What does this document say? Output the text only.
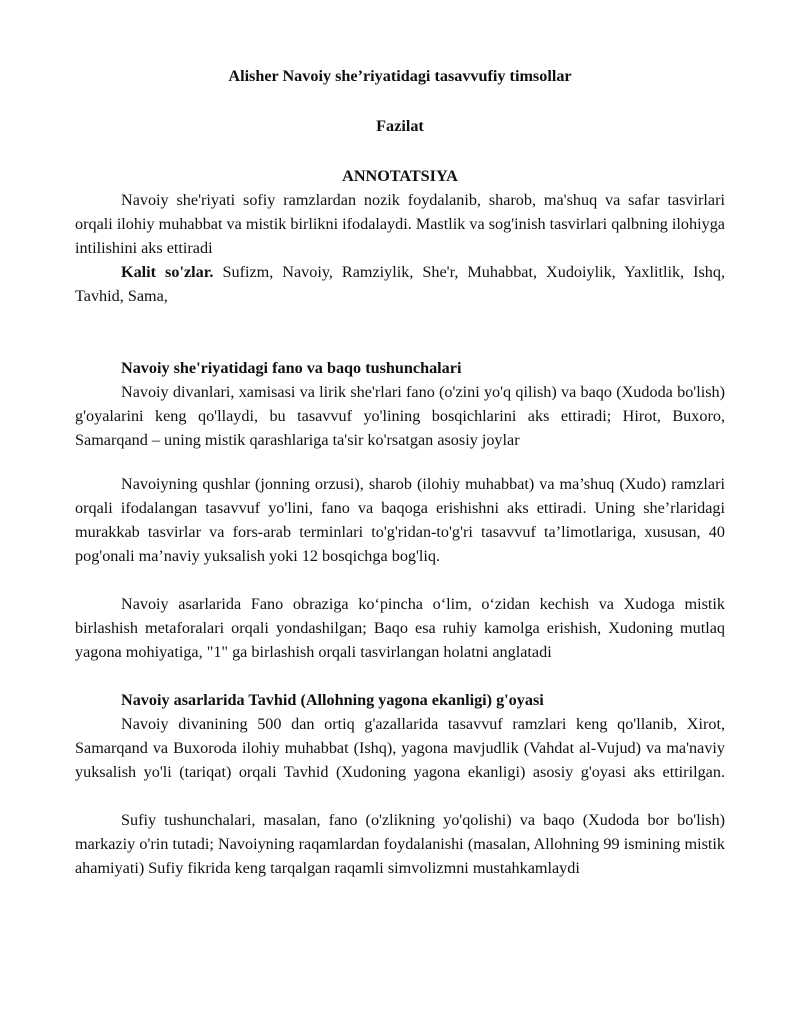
Alisher Navoiy she’riyatidagi tasavvufiy timsollar
Fazilat
ANNOTATSIYA

Navoiy she'riyati sofiy ramzlardan nozik foydalanib, sharob, ma'shuq va safar tasvirlari orqali ilohiy muhabbat va mistik birlikni ifodalaydi. Mastlik va sog'inish tasvirlari qalbning ilohiyga intilishini aks ettiradi

Kalit so'zlar. Sufizm, Navoiy, Ramziylik, She'r, Muhabbat, Xudoiylik, Yaxlitlik, Ishq, Tavhid, Sama,

Navoiy she'riyatidagi fano va baqo tushunchalari

Navoiy divanlari, xamisasi va lirik she'rlari fano (o'zini yo'q qilish) va baqo (Xudoda bo'lish) g'oyalarini keng qo'llaydi, bu tasavvuf yo'lining bosqichlarini aks ettiradi; Hirot, Buxoro, Samarqand – uning mistik qarashlariga ta'sir ko'rsatgan asosiy joylar

Navoiyning qushlar (jonning orzusi), sharob (ilohiy muhabbat) va ma’shuq (Xudo) ramzlari orqali ifodalangan tasavvuf yo'lini, fano va baqoga erishishni aks ettiradi. Uning she’rlaridagi murakkab tasvirlar va fors-arab terminlari to'g'ridan-to'g'ri tasavvuf ta’limotlariga, xususan, 40 pog'onali ma’naviy yuksalish yoki 12 bosqichga bog'liq.

Navoiy asarlarida Fano obraziga ko‘pincha o‘lim, o‘zidan kechish va Xudoga mistik birlashish metaforalari orqali yondashilgan; Baqo esa ruhiy kamolga erishish, Xudoning mutlaq yagona mohiyatiga, "1" ga birlashish orqali tasvirlangan holatni anglatadi

Navoiy asarlarida Tavhid (Allohning yagona ekanligi) g'oyasi

Navoiy divanining 500 dan ortiq g'azallarida tasavvuf ramzlari keng qo'llanib, Xirot, Samarqand va Buxoroda ilohiy muhabbat (Ishq), yagona mavjudlik (Vahdat al-Vujud) va ma'naviy yuksalish yo'li (tariqat) orqali Tavhid (Xudoning yagona ekanligi) asosiy g'oyasi aks ettirilgan.

Sufiy tushunchalari, masalan, fano (o'zlikning yo'qolishi) va baqo (Xudoda bor bo'lish) markaziy o'rin tutadi; Navoiyning raqamlardan foydalanishi (masalan, Allohning 99 ismining mistik ahamiyati) Sufiy fikrida keng tarqalgan raqamli simvolizmni mustahkamlaydi
